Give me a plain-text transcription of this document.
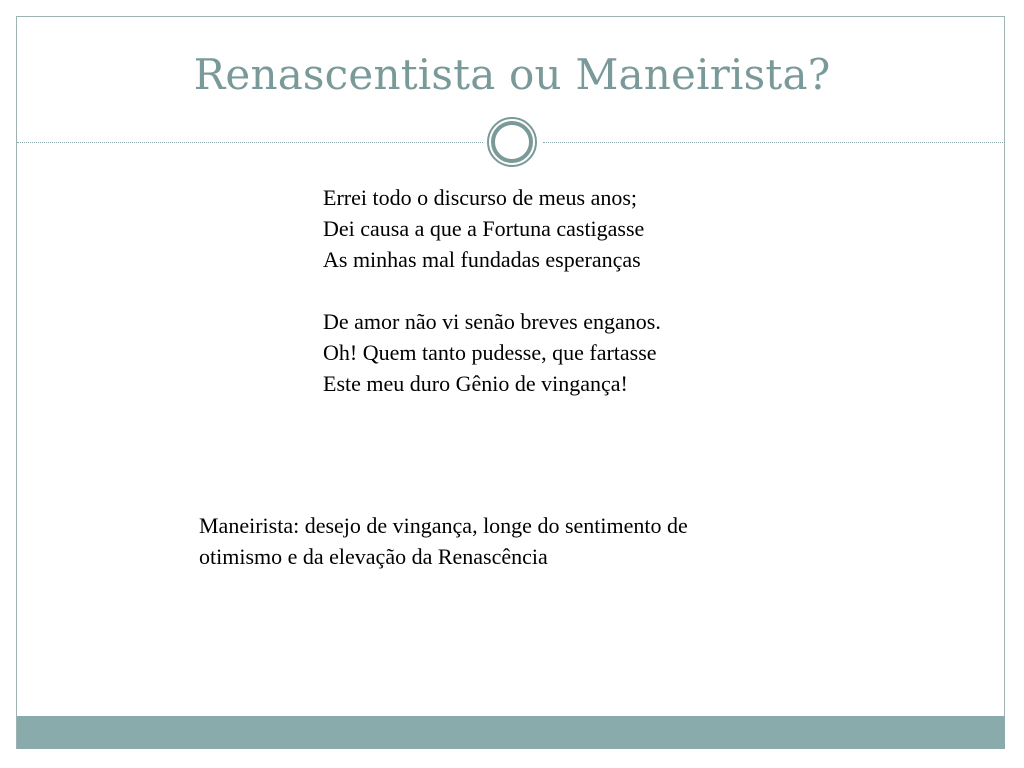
Renascentista ou Maneirista?
Errei todo o discurso de meus anos;
Dei causa a que a Fortuna castigasse
As minhas mal fundadas esperanças
De amor não vi senão breves enganos.
Oh! Quem tanto pudesse, que fartasse
Este meu duro Gênio de vingança!
Maneirista: desejo de vingança, longe do sentimento de otimismo e da elevação da Renascência
